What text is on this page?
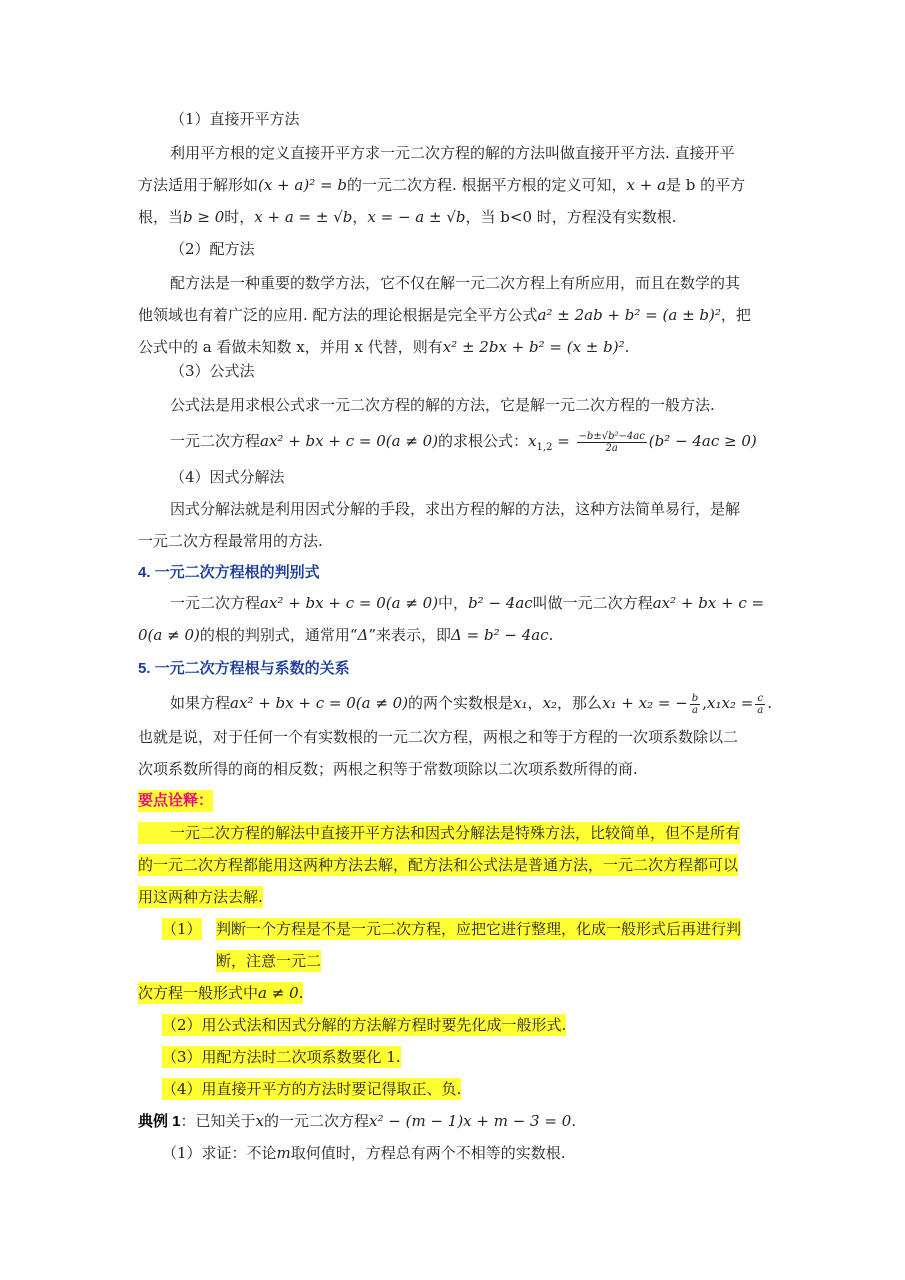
（1）直接开平方法
利用平方根的定义直接开平方求一元二次方程的解的方法叫做直接开平方法. 直接开平
方法适用于解形如(x + a)² = b的一元二次方程. 根据平方根的定义可知，x + a是 b 的平方
根，当b ≥ 0时，x + a = ± √b，x = − a ± √b，当 b<0 时，方程没有实数根.
（2）配方法
配方法是一种重要的数学方法，它不仅在解一元二次方程上有所应用，而且在数学的其
他领域也有着广泛的应用. 配方法的理论根据是完全平方公式a² ± 2ab + b² = (a ± b)²，把
公式中的 a 看做未知数 x，并用 x 代替，则有x² ± 2bx + b² = (x ± b)².
（3）公式法
公式法是用求根公式求一元二次方程的解的方法，它是解一元二次方程的一般方法.
一元二次方程ax² + bx + c = 0(a ≠ 0)的求根公式：$x_{1,2} = \frac{\text{−b±√b²−4ac}}{2a} (b^2 - 4ac \ge 0)$
（4）因式分解法
因式分解法就是利用因式分解的手段，求出方程的解的方法，这种方法简单易行，是解
一元二次方程最常用的方法.
4. 一元二次方程根的判别式
一元二次方程ax² + bx + c = 0(a ≠ 0)中，b² − 4ac叫做一元二次方程ax² + bx + c =
0(a ≠ 0)的根的判别式，通常用“Δ”来表示，即Δ = b² − 4ac.
5. 一元二次方程根与系数的关系
如果方程ax² + bx + c = 0(a ≠ 0)的两个实数根是x₁，x₂，那么x₁ + x₂ = − $\frac{b}{a} ,x_1x_2 = \frac{c}{a}$ .
也就是说，对于任何一个有实数根的一元二次方程，两根之和等于方程的一次项系数除以二
次项系数所得的商的相反数；两根之积等于常数项除以二次项系数所得的商.
要点诠释：
一元二次方程的解法中直接开平方法和因式分解法是特殊方法，比较简单，但不是所有
的一元二次方程都能用这两种方法去解，配方法和公式法是普通方法，一元二次方程都可以
用这两种方法去解.
（1） 判断一个方程是不是一元二次方程，应把它进行整理，化成一般形式后再进行判
断，注意一元二
次方程一般形式中a ≠ 0.
（2）用公式法和因式分解的方法解方程时要先化成一般形式.
（3）用配方法时二次项系数要化 1.
（4）用直接开平方的方法时要记得取正、负.
典例 1：已知关于x的一元二次方程x² − (m − 1)x + m − 3 = 0.
（1）求证：不论m取何值时，方程总有两个不相等的实数根.
